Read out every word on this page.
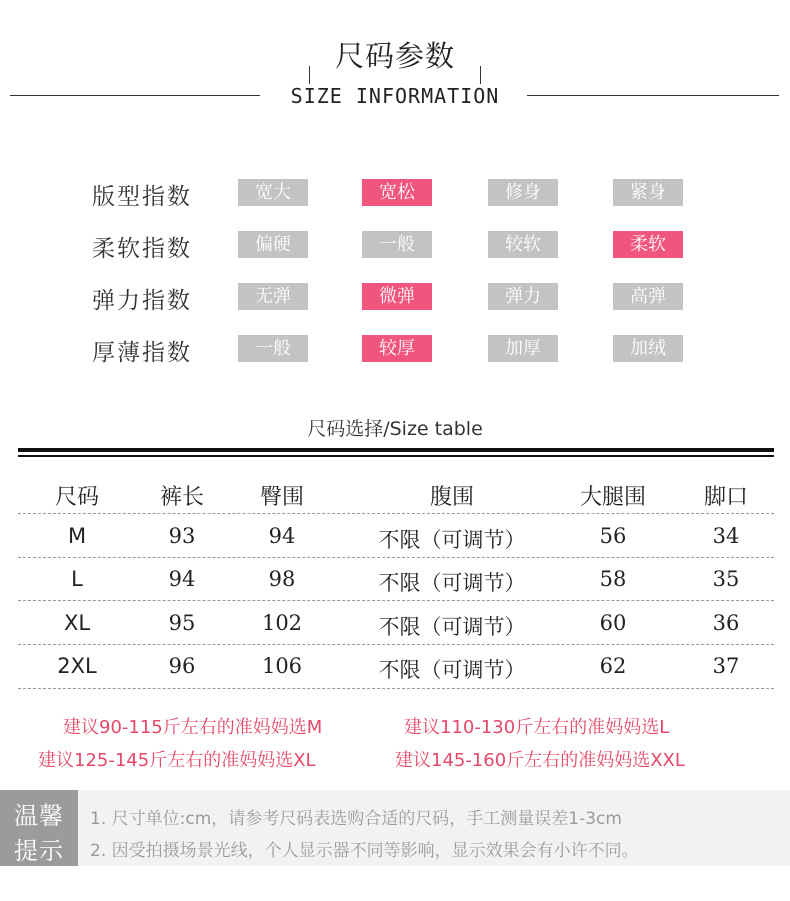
尺码参数
SIZE INFORMATION
版型指数	宽大	宽松	修身	紧身
柔软指数	偏硬	一般	较软	柔软
弹力指数	无弹	微弹	弹力	高弹
厚薄指数	一般	较厚	加厚	加绒
尺码选择/Size table
尺码	裤长	臀围	腹围	大腿围	脚口
M	93	94	不限（可调节）	56	34
L	94	98	不限（可调节）	58	35
XL	95	102	不限（可调节）	60	36
2XL	96	106	不限（可调节）	62	37
建议90-115斤左右的准妈妈选M	建议110-130斤左右的准妈妈选L
建议125-145斤左右的准妈妈选XL	建议145-160斤左右的准妈妈选XXL
温馨
提示
1. 尺寸单位:cm，请参考尺码表选购合适的尺码，手工测量误差1-3cm
2. 因受拍摄场景光线，个人显示器不同等影响，显示效果会有小许不同。
